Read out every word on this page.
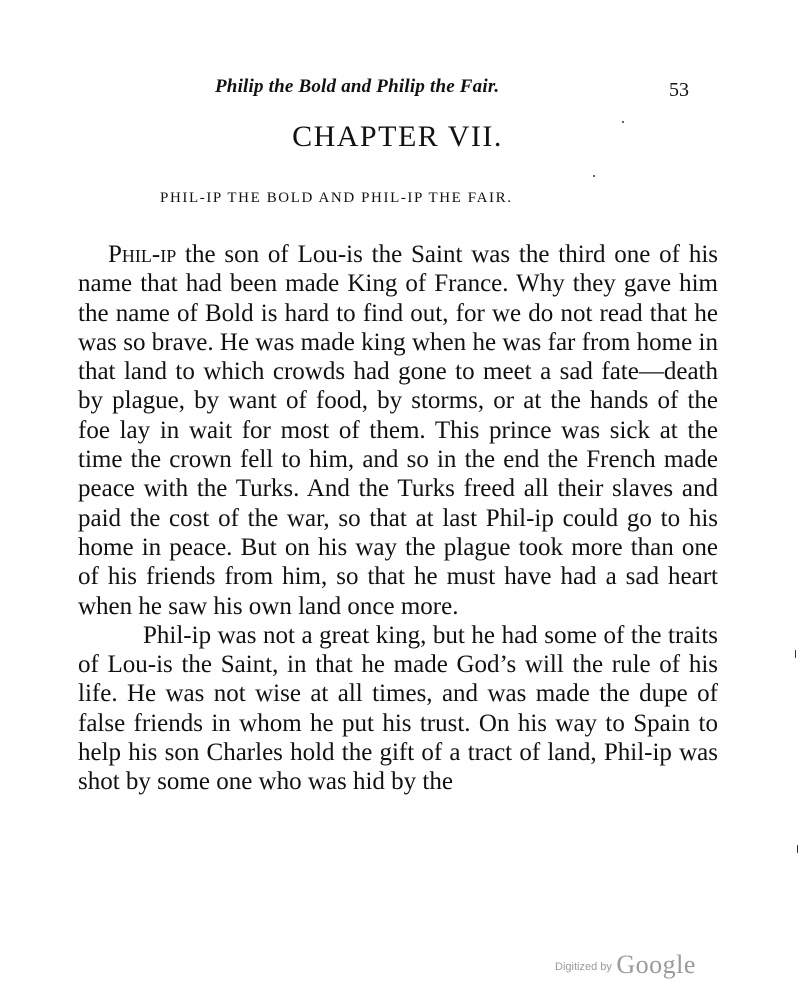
Philip the Bold and Philip the Fair.	53
CHAPTER VII.
PHIL-IP THE BOLD AND PHIL-IP THE FAIR.

Phil-ip the son of Lou-is the Saint was the third one of his name that had been made King of France. Why they gave him the name of Bold is hard to find out, for we do not read that he was so brave. He was made king when he was far from home in that land to which crowds had gone to meet a sad fate—death by plague, by want of food, by storms, or at the hands of the foe lay in wait for most of them. This prince was sick at the time the crown fell to him, and so in the end the French made peace with the Turks. And the Turks freed all their slaves and paid the cost of the war, so that at last Phil-ip could go to his home in peace. But on his way the plague took more than one of his friends from him, so that he must have had a sad heart when he saw his own land once more.

Phil-ip was not a great king, but he had some of the traits of Lou-is the Saint, in that he made God’s will the rule of his life. He was not wise at all times, and was made the dupe of false friends in whom he put his trust. On his way to Spain to help his son Charles hold the gift of a tract of land, Phil-ip was shot by some one who was hid by the

Digitized by Google
